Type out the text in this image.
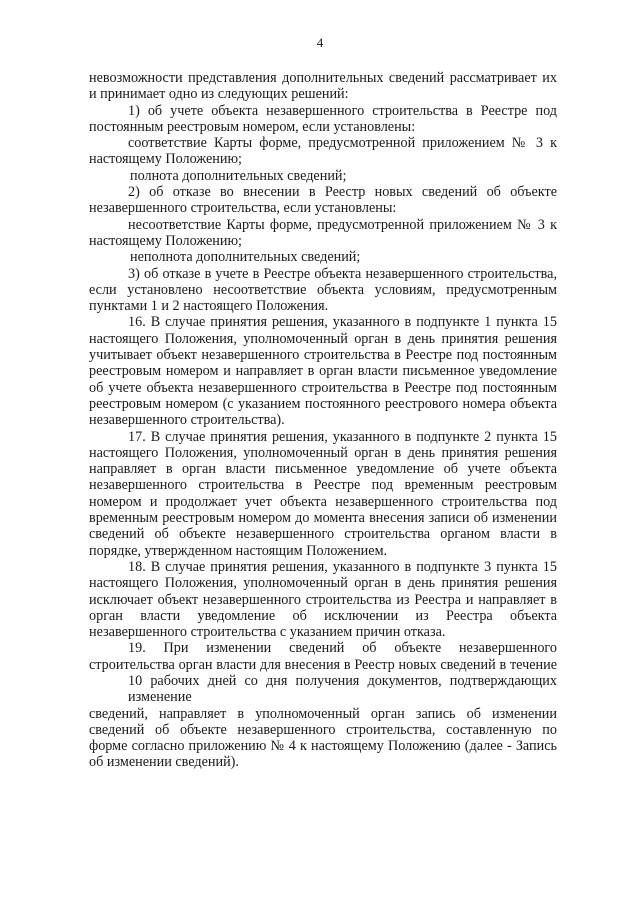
4
невозможности представления дополнительных сведений рассматривает их
и принимает одно из следующих решений:
1) об учете объекта незавершенного строительства в Реестре под
постоянным реестровым номером, если установлены:
соответствие Карты форме, предусмотренной приложением № 3 к
настоящему Положению;
полнота дополнительных сведений;
2) об отказе во внесении в Реестр новых сведений об объекте
незавершенного строительства, если установлены:
несоответствие Карты форме, предусмотренной приложением № 3 к
настоящему Положению;
неполнота дополнительных сведений;
3) об отказе в учете в Реестре объекта незавершенного строительства,
если установлено несоответствие объекта условиям, предусмотренным
пунктами 1 и 2 настоящего Положения.
16. В случае принятия решения, указанного в подпункте 1 пункта 15
настоящего Положения, уполномоченный орган в день принятия решения
учитывает объект незавершенного строительства в Реестре под постоянным
реестровым номером и направляет в орган власти письменное уведомление
об учете объекта незавершенного строительства в Реестре под постоянным
реестровым номером (с указанием постоянного реестрового номера объекта
незавершенного строительства).
17. В случае принятия решения, указанного в подпункте 2 пункта 15
настоящего Положения, уполномоченный орган в день принятия решения
направляет в орган власти письменное уведомление об учете объекта
незавершенного строительства в Реестре под временным реестровым
номером и продолжает учет объекта незавершенного строительства под
временным реестровым номером до момента внесения записи об изменении
сведений об объекте незавершенного строительства органом власти в
порядке, утвержденном настоящим Положением.
18. В случае принятия решения, указанного в подпункте 3 пункта 15
настоящего Положения, уполномоченный орган в день принятия решения
исключает объект незавершенного строительства из Реестра и направляет в
орган власти уведомление об исключении из Реестра объекта
незавершенного строительства с указанием причин отказа.
19. При изменении сведений об объекте незавершенного
строительства орган власти для внесения в Реестр новых сведений в течение
10 рабочих дней со дня получения документов, подтверждающих изменение
сведений, направляет в уполномоченный орган запись об изменении
сведений об объекте незавершенного строительства, составленную по
форме согласно приложению № 4 к настоящему Положению (далее - Запись
об изменении сведений).
